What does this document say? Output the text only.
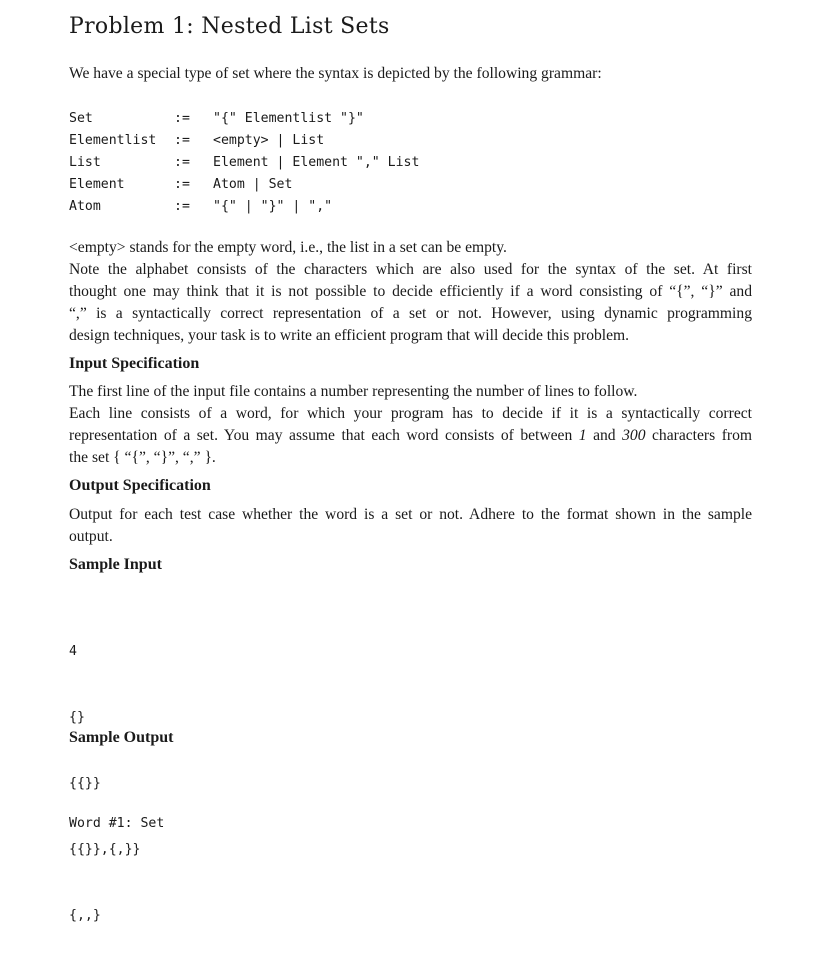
Problem 1: Nested List Sets

We have a special type of set where the syntax is depicted by the following grammar:

Set	:= "{" Elementlist "}"
Elementlist := <empty> | List
List	:= Element | Element "," List
Element	:= Atom | Set
Atom	:= "{" | "}" | ","
<empty> stands for the empty word, i.e., the list in a set can be empty.
Note the alphabet consists of the characters which are also used for the syntax of the set. At first
thought one may think that it is not possible to decide efficiently if a word consisting of “{”, “}” and
“,” is a syntactically correct representation of a set or not. However, using dynamic programming
design techniques, your task is to write an efficient program that will decide this problem.
Input Specification
The first line of the input file contains a number representing the number of lines to follow.
Each line consists of a word, for which your program has to decide if it is a syntactically correct
representation of a set. You may assume that each word consists of between 1 and 300 characters from
the set { “{”, “}”, “,” }.
Output Specification
Output for each test case whether the word is a set or not. Adhere to the format shown in the sample
output.
Sample Input

4

{}

{{}}

{{}},{,}}

{,,}

Sample Output

Word #1: Set
